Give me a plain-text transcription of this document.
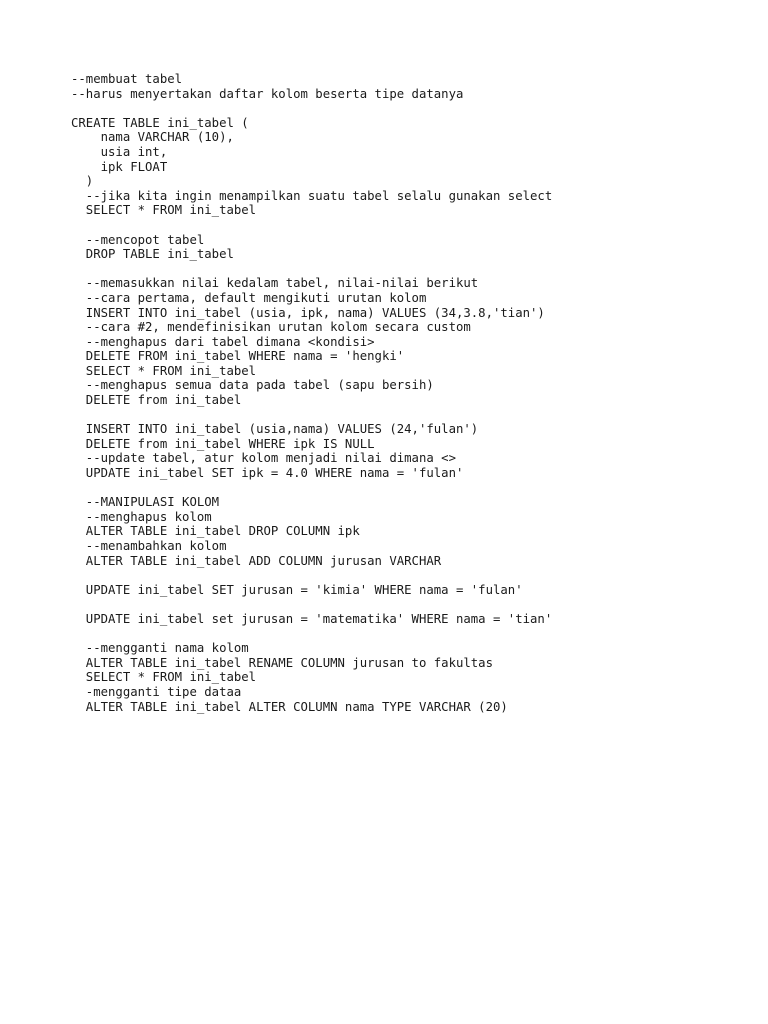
--membuat tabel
--harus menyertakan daftar kolom beserta tipe datanya
CREATE TABLE ini_tabel (
nama VARCHAR (10),
usia int,
ipk FLOAT
)
--jika kita ingin menampilkan suatu tabel selalu gunakan select
SELECT * FROM ini_tabel
--mencopot tabel
DROP TABLE ini_tabel
--memasukkan nilai kedalam tabel, nilai-nilai berikut
--cara pertama, default mengikuti urutan kolom
INSERT INTO ini_tabel (usia, ipk, nama) VALUES (34,3.8,'tian')
--cara #2, mendefinisikan urutan kolom secara custom
--menghapus dari tabel dimana <kondisi>
DELETE FROM ini_tabel WHERE nama = 'hengki'
SELECT * FROM ini_tabel
--menghapus semua data pada tabel (sapu bersih)
DELETE from ini_tabel
INSERT INTO ini_tabel (usia,nama) VALUES (24,'fulan')
DELETE from ini_tabel WHERE ipk IS NULL
--update tabel, atur kolom menjadi nilai dimana <>
UPDATE ini_tabel SET ipk = 4.0 WHERE nama = 'fulan'
--MANIPULASI KOLOM
--menghapus kolom
ALTER TABLE ini_tabel DROP COLUMN ipk
--menambahkan kolom
ALTER TABLE ini_tabel ADD COLUMN jurusan VARCHAR
UPDATE ini_tabel SET jurusan = 'kimia' WHERE nama = 'fulan'
UPDATE ini_tabel set jurusan = 'matematika' WHERE nama = 'tian'
--mengganti nama kolom
ALTER TABLE ini_tabel RENAME COLUMN jurusan to fakultas
SELECT * FROM ini_tabel
-mengganti tipe dataa
ALTER TABLE ini_tabel ALTER COLUMN nama TYPE VARCHAR (20)
